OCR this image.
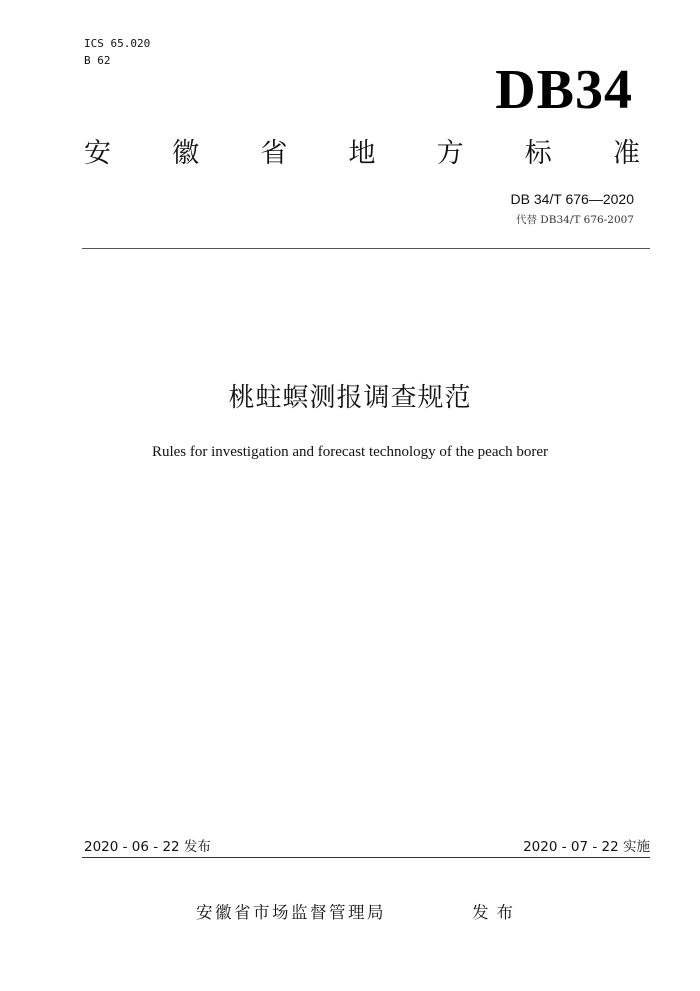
ICS 65.020
B 62	DB34
安 徽 省 地 方 标 准
DB 34/T 676—2020
代替 DB34/T 676-2007
桃蛀螟测报调查规范
Rules for investigation and forecast technology of the peach borer
2020 - 06 - 22 发布	2020 - 07 - 22 实施
安徽省市场监督管理局	发布
